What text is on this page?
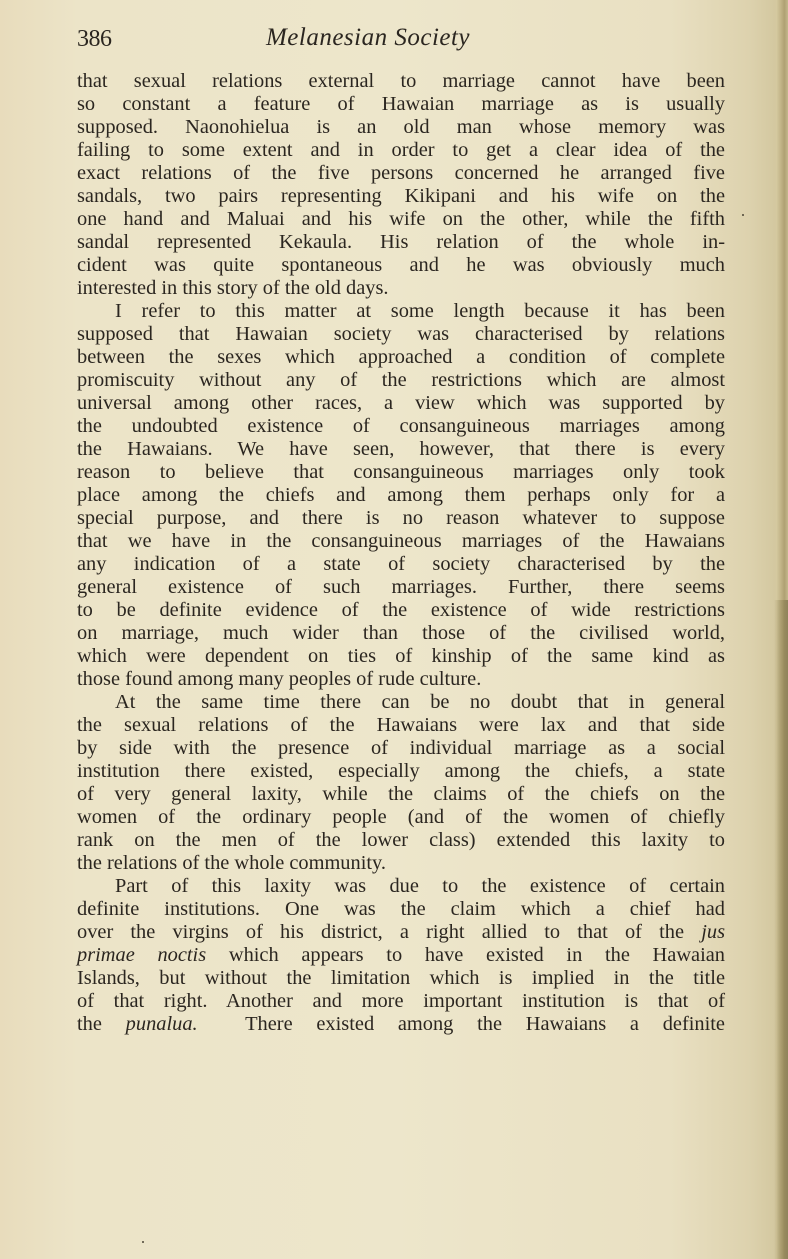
386	Melanesian Society
that sexual relations external to marriage cannot have been
so constant a feature of Hawaian marriage as is usually
supposed. Naonohielua is an old man whose memory was
failing to some extent and in order to get a clear idea of the
exact relations of the five persons concerned he arranged five
sandals, two pairs representing Kikipani and his wife on the
one hand and Maluai and his wife on the other, while the fifth
sandal represented Kekaula. His relation of the whole in-
cident was quite spontaneous and he was obviously much
interested in this story of the old days.
I refer to this matter at some length because it has been
supposed that Hawaian society was characterised by relations
between the sexes which approached a condition of complete
promiscuity without any of the restrictions which are almost
universal among other races, a view which was supported by
the undoubted existence of consanguineous marriages among
the Hawaians. We have seen, however, that there is every
reason to believe that consanguineous marriages only took
place among the chiefs and among them perhaps only for a
special purpose, and there is no reason whatever to suppose
that we have in the consanguineous marriages of the Hawaians
any indication of a state of society characterised by the
general existence of such marriages. Further, there seems
to be definite evidence of the existence of wide restrictions
on marriage, much wider than those of the civilised world,
which were dependent on ties of kinship of the same kind as
those found among many peoples of rude culture.
At the same time there can be no doubt that in general
the sexual relations of the Hawaians were lax and that side
by side with the presence of individual marriage as a social
institution there existed, especially among the chiefs, a state
of very general laxity, while the claims of the chiefs on the
women of the ordinary people (and of the women of chiefly
rank on the men of the lower class) extended this laxity to
the relations of the whole community.
Part of this laxity was due to the existence of certain
definite institutions. One was the claim which a chief had
over the virgins of his district, a right allied to that of the jus
primae noctis which appears to have existed in the Hawaian
Islands, but without the limitation which is implied in the title
of that right. Another and more important institution is that of
the punalua. There existed among the Hawaians a definite
